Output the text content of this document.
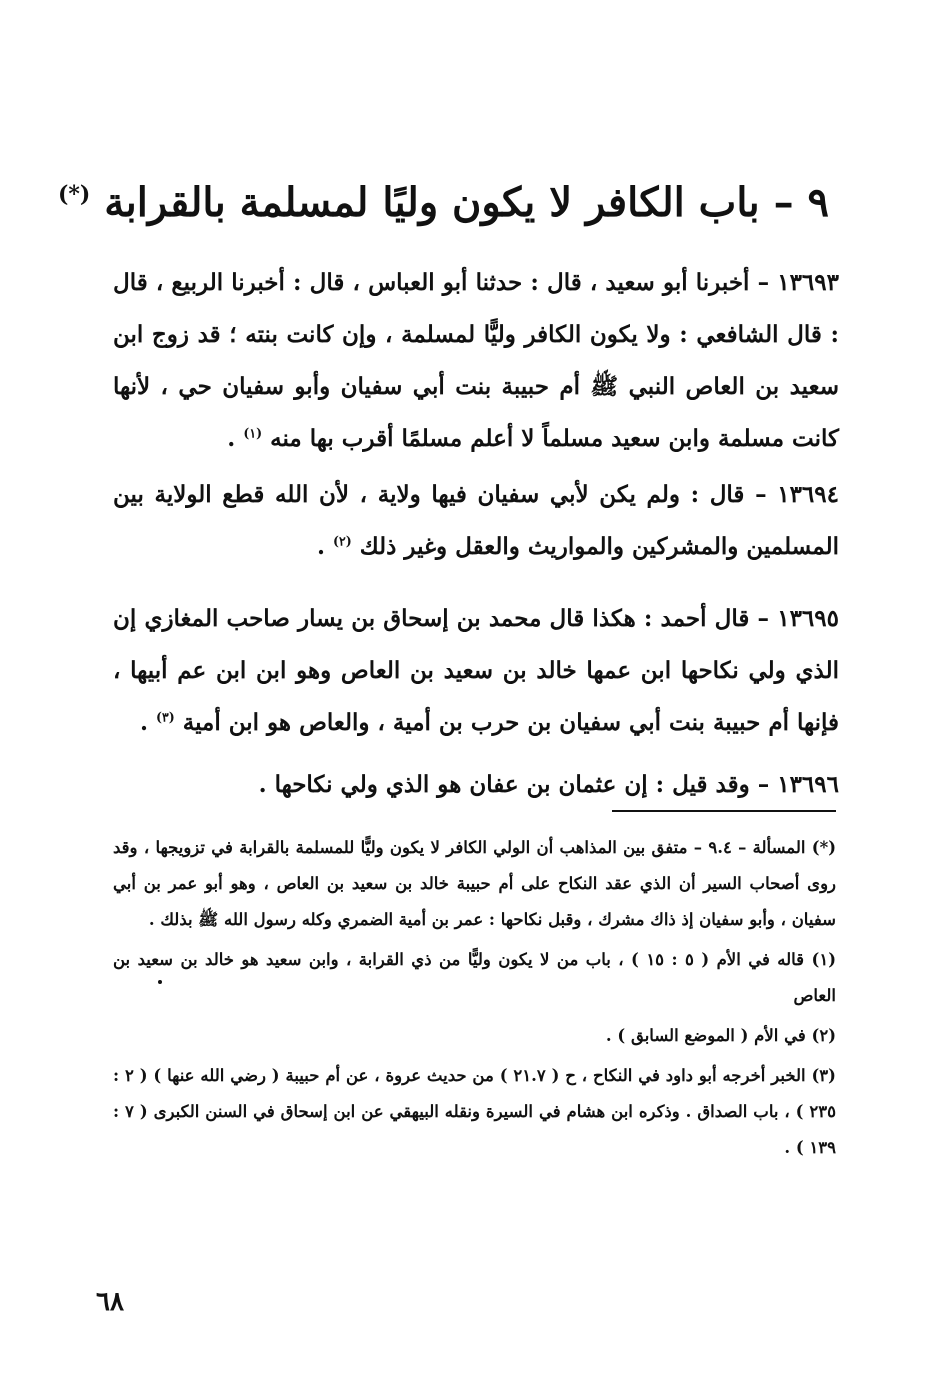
٩ – باب الكافر لا يكون وليًا لمسلمة بالقرابة (*)

١٣٦٩٣ – أخبرنا أبو سعيد ، قال : حدثنا أبو العباس ، قال : أخبرنا الربيع ، قال : قال الشافعي : ولا يكون الكافر وليًّا لمسلمة ، وإن كانت بنته ؛ قد زوج ابن سعيد بن العاص النبي ﷺ أم حبيبة بنت أبي سفيان وأبو سفيان حي ، لأنها كانت مسلمة وابن سعيد مسلماً لا أعلم مسلمًا أقرب بها منه $^{(١)}$ .

١٣٦٩٤ – قال : ولم يكن لأبي سفيان فيها ولاية ، لأن الله قطع الولاية بين المسلمين والمشركين والمواريث والعقل وغير ذلك $^{(٢)}$ .

١٣٦٩٥ – قال أحمد : هكذا قال محمد بن إسحاق بن يسار صاحب المغازي إن الذي ولي نكاحها ابن عمها خالد بن سعيد بن العاص وهو ابن ابن عم أبيها ، فإنها أم حبيبة بنت أبي سفيان بن حرب بن أمية ، والعاص هو ابن أمية $^{(٣)}$ .

١٣٦٩٦ – وقد قيل : إن عثمان بن عفان هو الذي ولي نكاحها .

(*) المسألة – ٩.٤ – متفق بين المذاهب أن الولي الكافر لا يكون وليًّا للمسلمة بالقرابة في تزويجها ، وقد روى أصحاب السير أن الذي عقد النكاح على أم حبيبة خالد بن سعيد بن العاص ، وهو أبو عمر بن أبي سفيان ، وأبو سفيان إذ ذاك مشرك ، وقبل نكاحها : عمر بن أمية الضمري وكله رسول الله ﷺ بذلك .

(١) قاله في الأم ( ٥ : ١٥ ) ، باب من لا يكون وليًّا من ذي القرابة ، وابن سعيد هو خالد بن سعيد بن العاص

(٢) في الأم ( الموضع السابق ) .

(٣) الخبر أخرجه أبو داود في النكاح ، ح ( ٢١.٧ ) من حديث عروة ، عن أم حبيبة ( رضي الله عنها ) ( ٢ : ٢٣٥ ) ، باب الصداق . وذكره ابن هشام في السيرة ونقله البيهقي عن ابن إسحاق في السنن الكبرى ( ٧ : ١٣٩ ) .

٦٨
